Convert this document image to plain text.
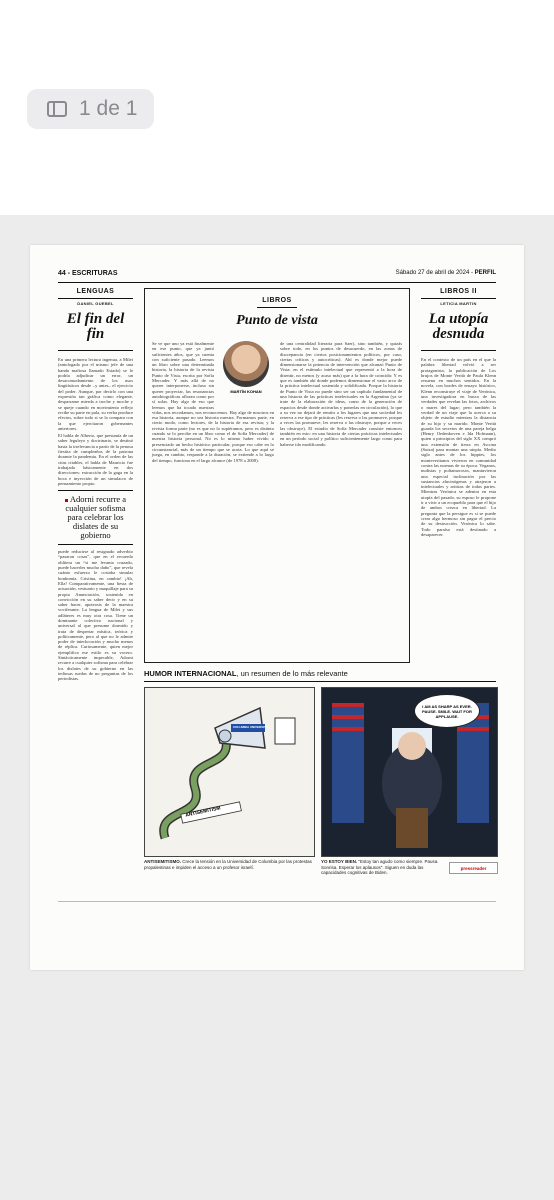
1 de 1
44 - ESCRITURAS	Sábado 27 de abril de 2024 - PERFIL
LENGUAS
DANIEL GUEBEL
El fin del fin
En una primera lectura ingenua, a Milei (antologado por el mismo jefe de una banda mafiosa llamado Estado) se le podría adjudicar un error, un desacomodamiento de los usos lingüísticos desde –y antes– el ejercicio del poder. Aunque, por decirlo con una expresión tan gráfica como elegante, desparrame mierda a troche y moche y se queje cuando en movimiento reflejo recibe su parte en pala, su verba produce efectos, sobre todo si se la compara con la que ejercitaron gobernantes anteriores.
El habla de Alberto, que presumía de un saber leguleyo y doctrinario, se destinó hasta la irrelevancia a partir de la penosa fiestita de cumpleaños de la patrona durante la pandemia. En el orden de las citas citables, el habla de Mauricio fue trabajada básicamente en dos direcciones: extracción de la gaga en la boca e inyección de un simulacro de pensamiento propio.
Adorni recurre a cualquier sofisma para celebrar los dislates de su gobierno
puede reducirse al resignado adverbio “pasaron cosas”, que en el recuerdo oblitera un “si me levanto cruzado, puede hacerles mucho daño”, que revela cuánto esfuerzo le costaba simular bonhomía. Cristina, en cambio! ¡Ah, Ella! Comparativamente, una fiesta de actuación, vestuario y maquillaje para su propia Anunciación, sostenida en convicción en su saber decir y en su saber hacer, apoteosis de la maestra vociferante. La lengua de Milei y sus adláteres es muy otra cosa. Tiene un dominante colectivo nacional y universal al que presume dormido y trata de despertar mística, teórica y políticamente, pero al que no le admite poder de interlocución y mucho menos de réplica. Curiosamente, quien mejor ejemplifica ese estilo es su vocero. Sintácticamente impecable, Adorni recurre a cualquier sofisma para celebrar los dislates de su gobierno en las tediosas ruedas de no preguntas de los periodistas.
LIBROS
Punto de vista
MARTÍN KOHAN
Se ve que uno ya está finalmente en ese punto, que ya juntó suficientes años, que ya cuenta con suficiente pasado. Leemos un libro sobre una determinada historia, la historia de la revista Punto de Vista, escrita por Sofía Mercader. Y más allá de no querer interponerse, incluso sin querer proyectar, las resonancias autobiográficas afloran como por sí solas. Hay algo de eso que leemos que ha tocado nuestras vidas, nos recordamos, nos reconocemos. Hay algo de nosotros en esa historia, aunque no sea historia nuestra. Formamos parte, en cierto modo, como lectores, de la historia de esa revista; y la revista forma parte (no es que no lo supiéramos, pero es distinto cuando se lo percibe en un libro como el de Sofía Mercader) de nuestra historia personal. No es lo mismo haber vivido o presenciado un hecho histórico particular, porque eso cabe en lo circunstancial, más de un tiempo que se acota. Lo que aquí se juega, en cambio, responde a la duración, se extiende a lo largo del tiempo, funciona en el largo alcance (de 1978 a 2008).
de una centralidad literaria para Saer), sino también, y quizás sobre todo, en los puntos de desacuerdo, en las zonas de discrepancia (en ciertos posicionamientos políticos, por caso, ciertas críticas y autocríticas). Ahí es donde mejor puede dimensionarse la potencia de intervención que alcanzó Punto de Vista: en el estímulo intelectual que representó a la hora de disentir, no menos (y acaso más) que a la hora de coincidir. Y es que es también ahí donde podemos dimensionar el vasto arco de la práctica intelectual sostenida y solidificada. Porque la historia de Punto de Vista no puede sino ser un capítulo fundamental de una historia de las prácticas intelectuales en la Argentina (ya se trate de la elaboración de ideas, como de la generación de espacios desde donde activarlas y ponerlas en circulación), lo que a su vez no dejará de remitir a los lugares que una sociedad les reserva a ese tipo de prácticas (les reserva o las promueve, porque a veces las promueve, les reserva o las obstruye, porque a veces las obstruye). El estudio de Sofía Mercader consiste entonces también en esto: en una historia de ciertas prácticas intelectuales en un período social y político suficientemente largo como para haberse ido modificando.
LIBROS II
LETICIA MARTIN
La utopía desnuda
En el contexto de un país en el que la palabra libertad volvió a ser protagonista, la publicación de Los brujos de Monte Verità de Paula Klenn resuena en muchos sentidos. En la novela, con bordes de ensayo histórico, Klenn reconstruye el viaje de Verónica, una investigadora en busca de las verdades que revelan las fotos, archivos o mares del lugar; pero también la verdad de un viaje que la acerca a su objeto de estudio mientras la distancia de su hijo y su marido. Monte Verità guarda los secretos de una pareja belga (Henry Oedenkoven e Ida Hofmann), quien a principios del siglo XX compró una extensión de tierra en Ascona (Suiza) para montar una utopía. Medio siglo antes de los hippies, los monteveritanos vivieron en comunidad contra las normas de su época. Veganos, nudistas y poliamorosos, mantuvieron una especial inclinación por las sustancias alucinógenas y atrajeron a intelectuales y artistas de todas partes. Mientras Verónica se adentra en esta utopía del pasado, su esposo le propone ir a vivir a un ecopueblo para que el hijo de ambos crezca en libertad. La pregunta que la persigue es si se puede crear algo hermoso sin pagar el precio de su destrucción. Verónica lo sabe. Todo paraíso está destinado a desaparecer.
HUMOR INTERNACIONAL, un resumen de lo más relevante
ANTISEMITISM
COLUMBIA UNIVERSITY
I AM AS SHARP AS EVER. PAUSE. SMILE. WAIT FOR APPLAUSE.
ANTISEMITISMO. Crece la tensión en la Universidad de Columbia por las protestas propalestinas e impiden el acceso a un profesor israelí.
YO ESTOY BIEN. "Estoy tan agudo como siempre. Pausa. Sonrisa. Esperar los aplausos". Siguen en duda las capacidades cognitivas de Biden.
pressreader
